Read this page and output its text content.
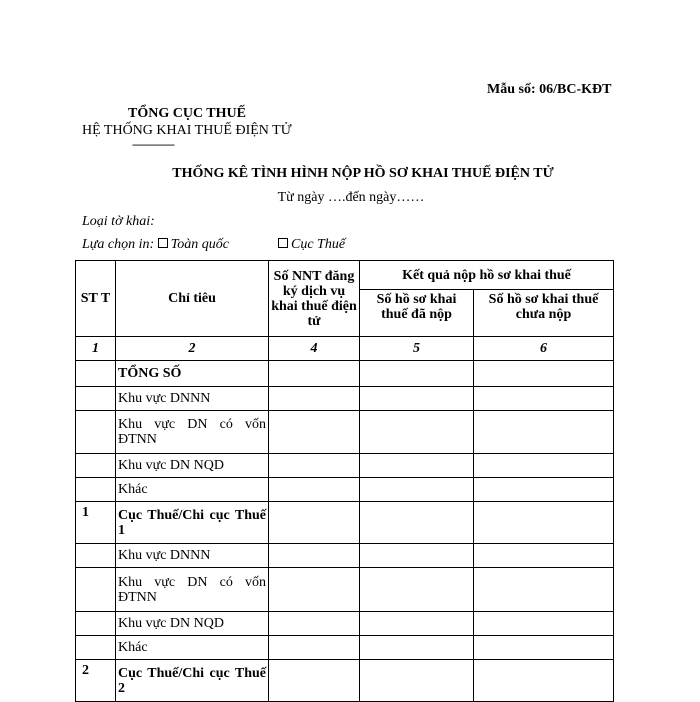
Mẫu số: 06/BC-KĐT
TỔNG CỤC THUẾ
HỆ THỐNG KHAI THUẾ ĐIỆN TỬ
--------------
THỐNG KÊ TÌNH HÌNH NỘP HỒ SƠ KHAI THUẾ ĐIỆN TỬ
Từ ngày ….đến ngày……
Loại tờ khai:
Lựa chọn in: Toàn quốc	Cục Thuế
ST T	Chỉ tiêu	Số NNT đăng ký dịch vụ khai thuế điện tử	Kết quả nộp hồ sơ khai thuế	
			Số hồ sơ khai thuế đã nộp	Số hồ sơ khai thuế chưa nộp
1	2	4	5	6
	TỔNG SỐ			
	Khu vực DNNN			
	Khu vực DN có vốn ĐTNN			
	Khu vực DN NQD			
	Khác			
1	Cục Thuế/Chi cục Thuế 1			
	Khu vực DNNN			
	Khu vực DN có vốn ĐTNN			
	Khu vực DN NQD			
	Khác			
2	Cục Thuế/Chi cục Thuế 2			
